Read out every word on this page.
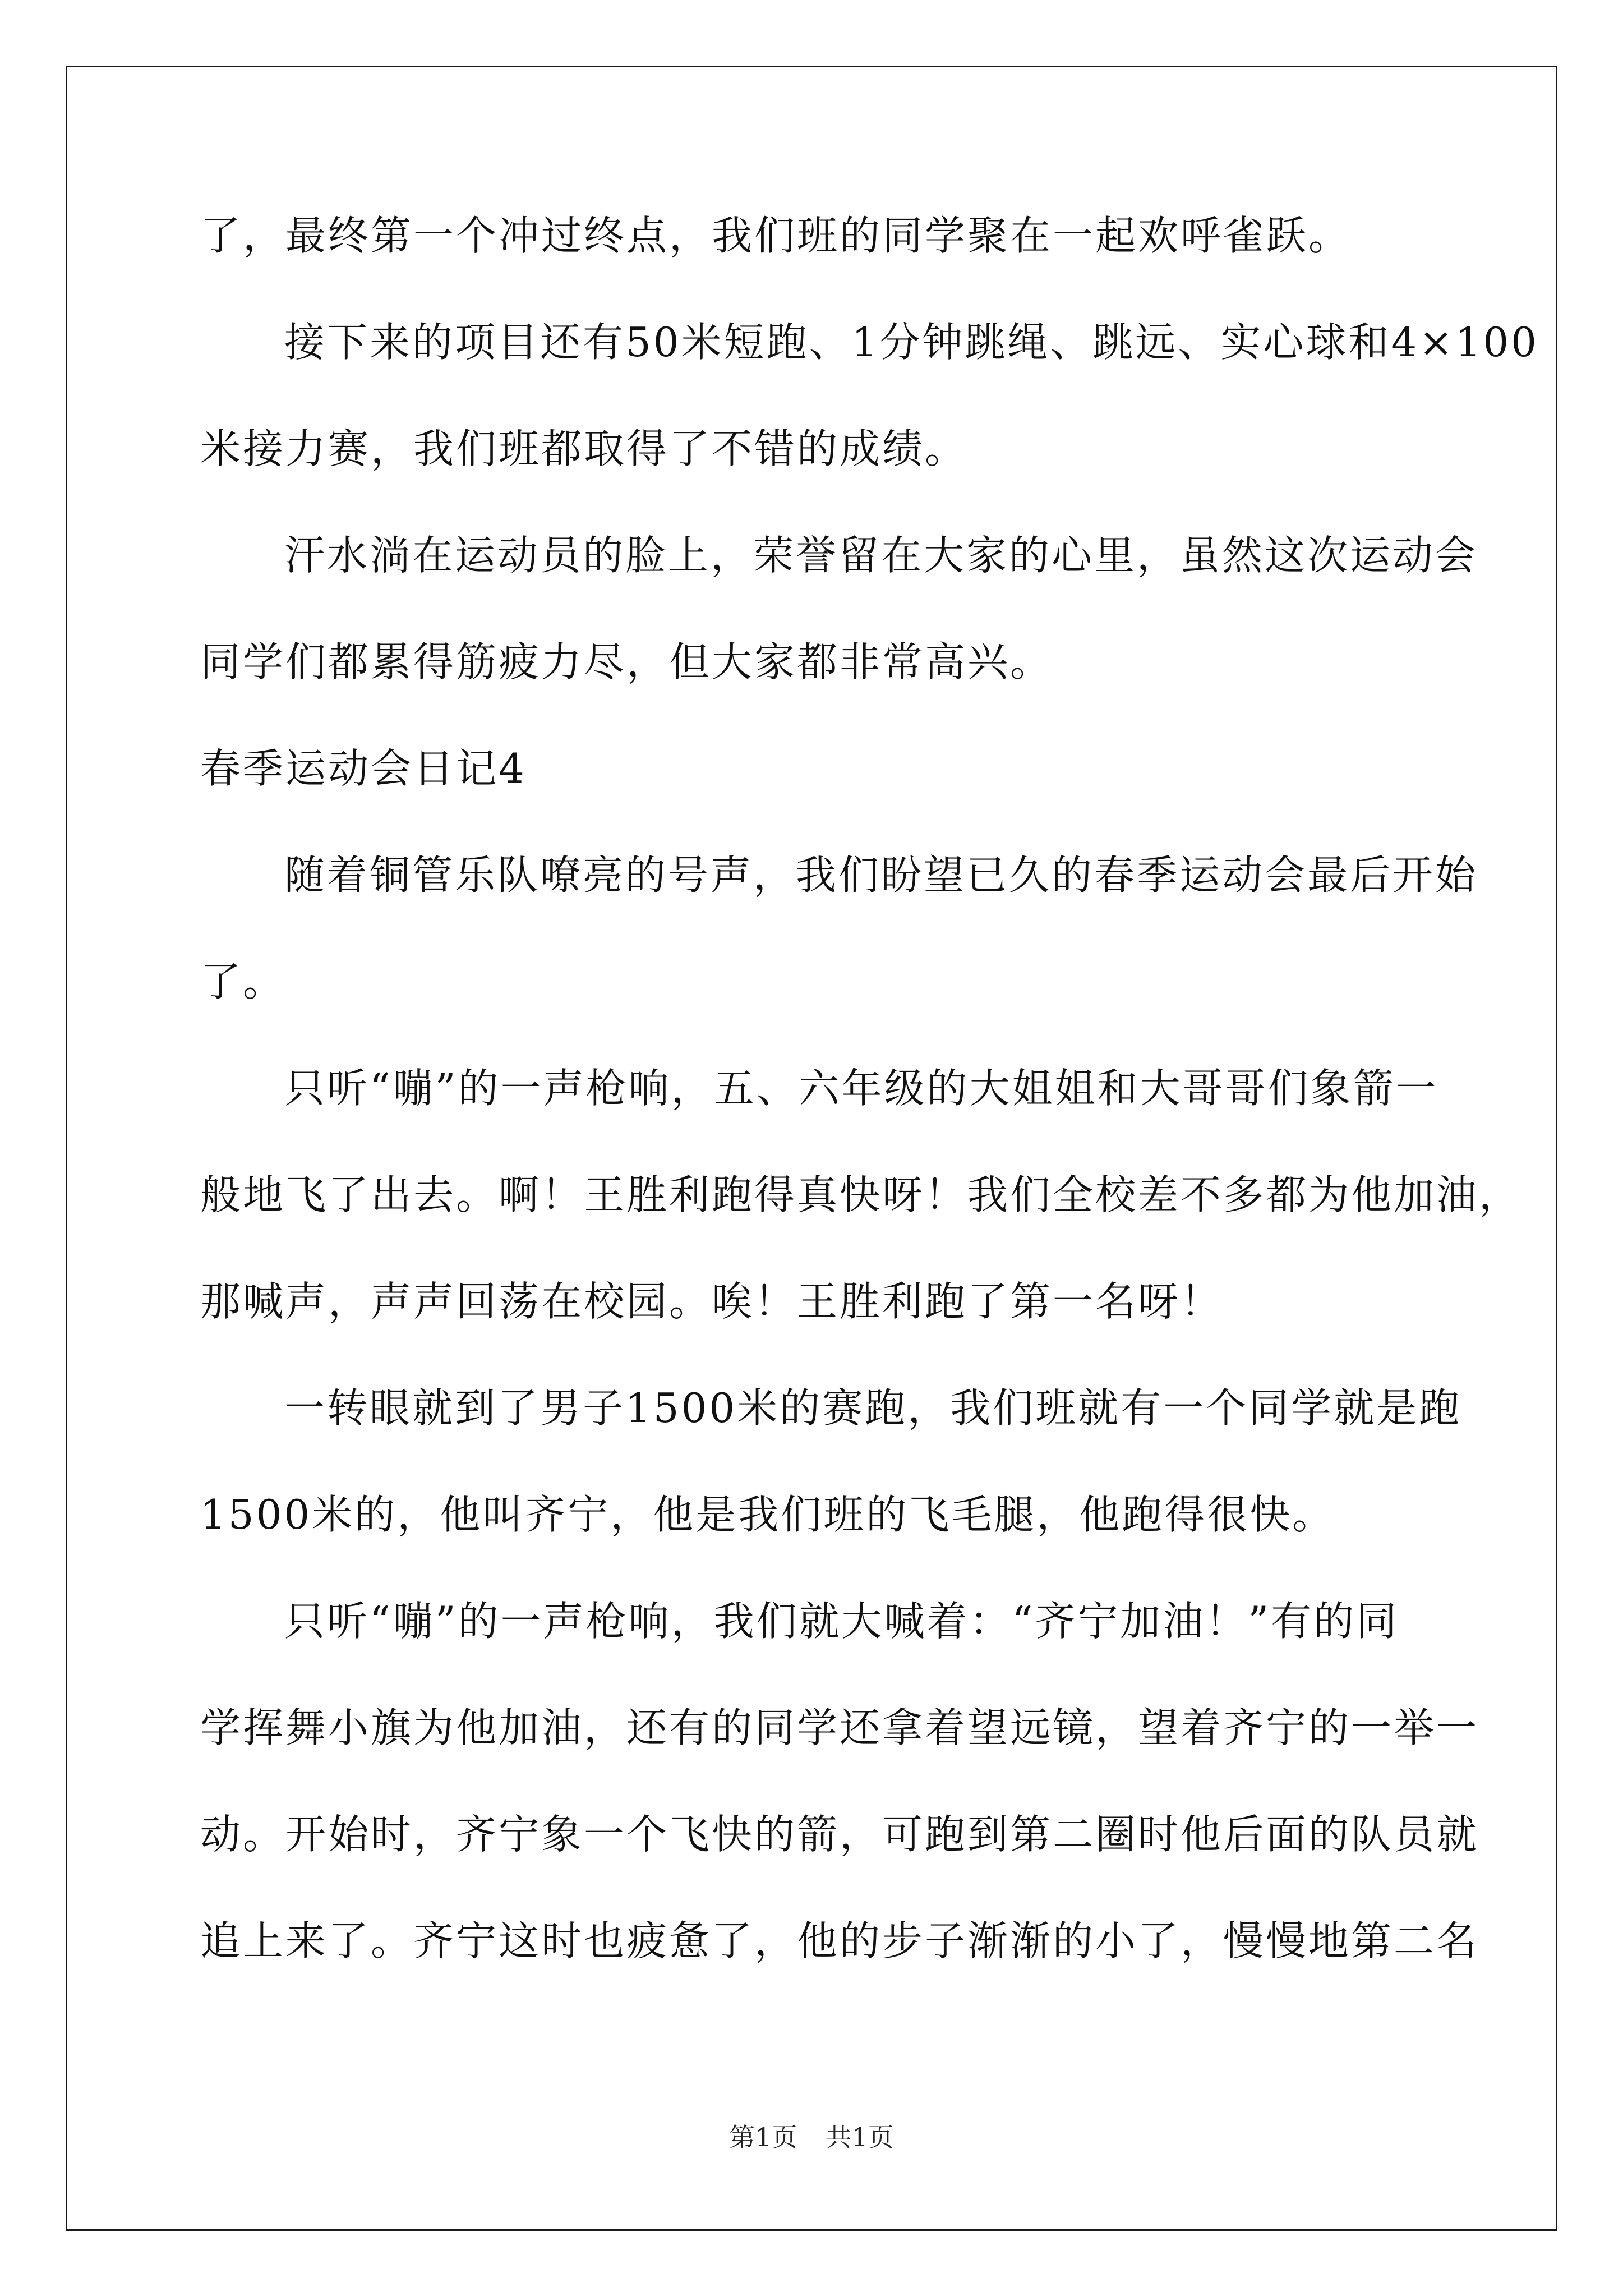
了，最终第一个冲过终点，我们班的同学聚在一起欢呼雀跃。
接下来的项目还有50米短跑、1分钟跳绳、跳远、实心球和4×100
米接力赛，我们班都取得了不错的成绩。
汗水淌在运动员的脸上，荣誉留在大家的心里，虽然这次运动会
同学们都累得筋疲力尽，但大家都非常高兴。
春季运动会日记4
随着铜管乐队嘹亮的号声，我们盼望已久的春季运动会最后开始
了。
只听“嘣”的一声枪响，五、六年级的大姐姐和大哥哥们象箭一
般地飞了出去。啊！王胜利跑得真快呀！我们全校差不多都为他加油，
那喊声，声声回荡在校园。唉！王胜利跑了第一名呀！
一转眼就到了男子1500米的赛跑，我们班就有一个同学就是跑
1500米的，他叫齐宁，他是我们班的飞毛腿，他跑得很快。
只听“嘣”的一声枪响，我们就大喊着：“齐宁加油！”有的同
学挥舞小旗为他加油，还有的同学还拿着望远镜，望着齐宁的一举一
动。开始时，齐宁象一个飞快的箭，可跑到第二圈时他后面的队员就
追上来了。齐宁这时也疲惫了，他的步子渐渐的小了，慢慢地第二名
第1页 共1页
